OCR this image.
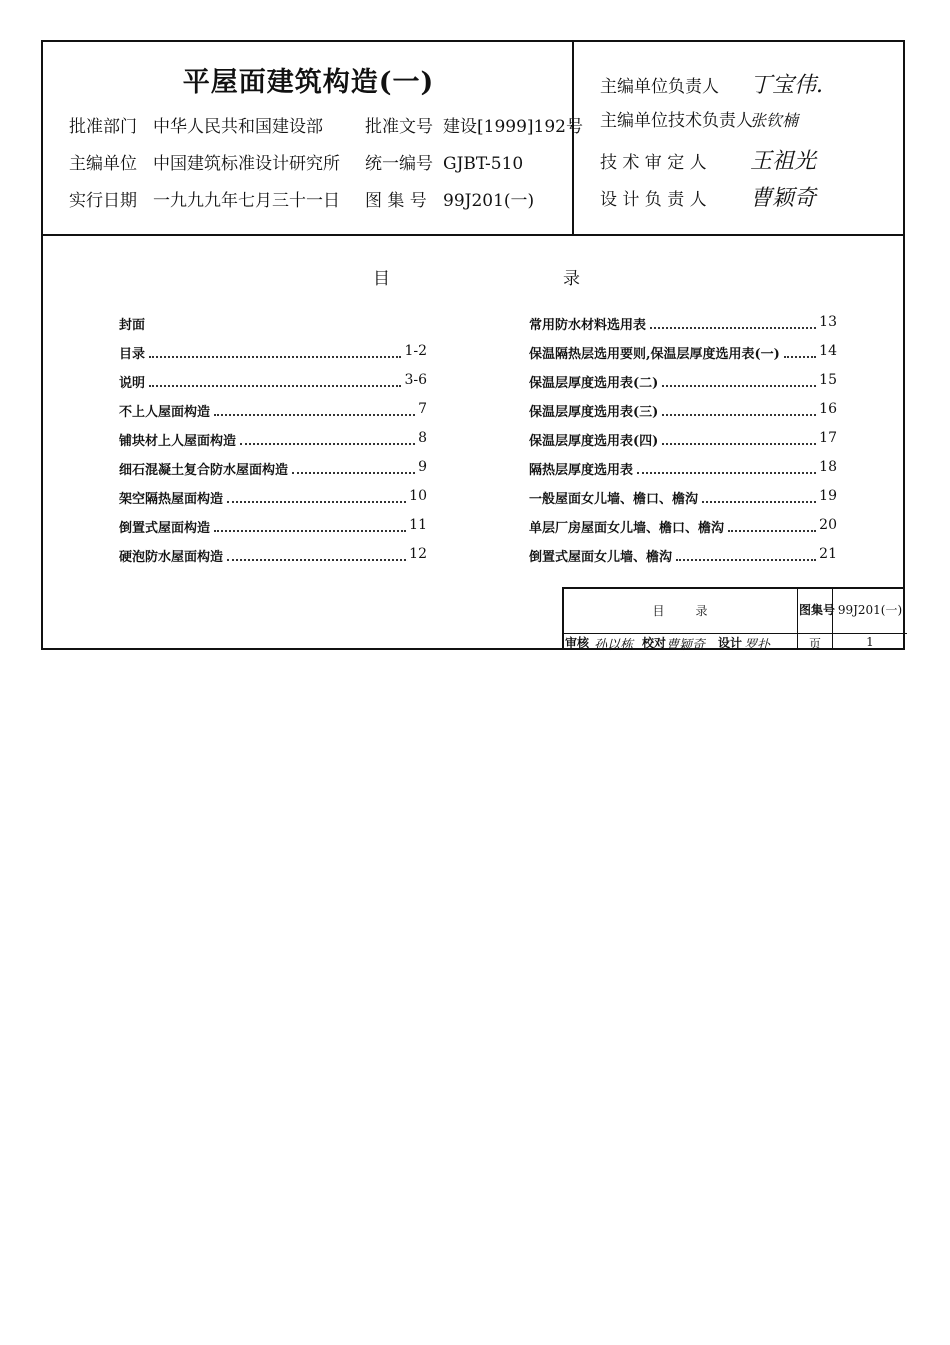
平屋面建筑构造(一)
批准部门 中华人民共和国建设部 批准文号 建设[1999]192号
主编单位 中国建筑标准设计研究所 统一编号 GJBT-510
实行日期 一九九九年七月三十一日 图 集 号 99J201(一)
主编单位负责人 丁宝伟.
主编单位技术负责人张钦楠
技 术 审 定 人 王祖光
设 计 负 责 人 曹颖奇
目	录
封面
目录	1-2
说明	3-6
不上人屋面构造	7
铺块材上人屋面构造	8
细石混凝土复合防水屋面构造	9
架空隔热屋面构造	10
倒置式屋面构造	11
硬泡防水屋面构造	12
常用防水材料选用表	13
保温隔热层选用要则,保温层厚度选用表(一)	14
保温层厚度选用表(二)	15
保温层厚度选用表(三)	16
保温层厚度选用表(四)	17
隔热层厚度选用表	18
一般屋面女儿墙、檐口、檐沟	19
单层厂房屋面女儿墙、檐口、檐沟	20
倒置式屋面女儿墙、檐沟	21
目	录	图集号 99J201(一)
页	1
审核 孙以栋 校对 曹颖奇 设计 罗扑
